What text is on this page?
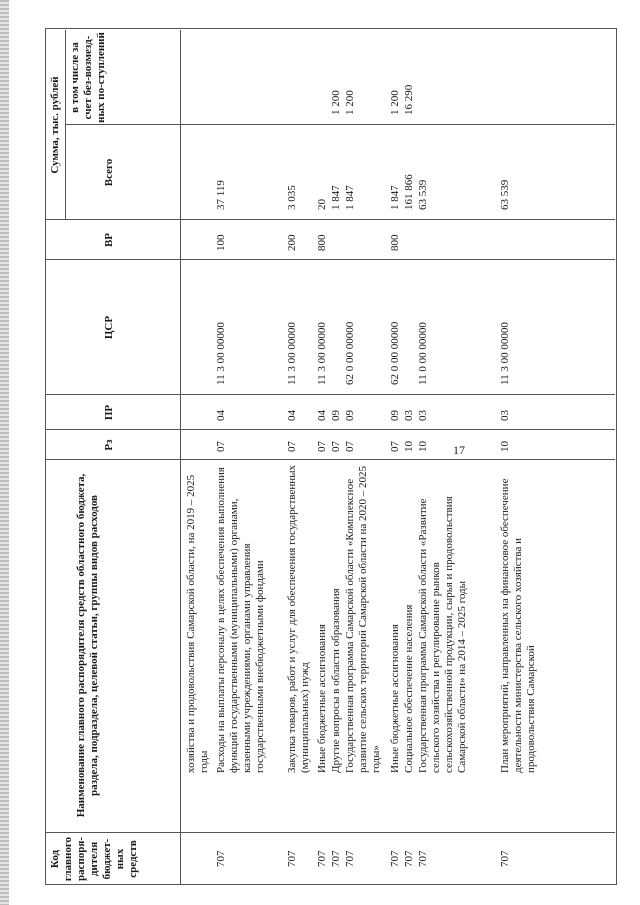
17
Код главного распоря-дителя бюджет-ных средств
Наименование главного распорядителя средств областного бюджета, раздела, подраздела, целевой статьи, группы видов расходов
Рз
ПР
ЦСР
ВР
Сумма, тыс. рублей	Всего
в том числе за счет без-возмезд-ных по-ступлений
хозяйства и продовольствия Самарской области, на 2019 – 2025 годы
707
Расходы на выплаты персоналу в целях обеспечения выполнения функций государственными (муниципальными) органами, казенными учреждениями, органами управления государственными внебюджетными фондами
07
04
11 3 00 00000
100
37 119
707
Закупка товаров, работ и услуг для обеспечения государственных (муниципальных) нужд
07
04
11 3 00 00000
200
3 035
707
Иные бюджетные ассигнования
07
04
11 3 00 00000
800
20
707
Другие вопросы в области образования
07
09
1 847
1 200
707
Государственная программа Самарской области «Комплексное развитие сельских территорий Самарской области на 2020 – 2025 годы»
07
09
62 0 00 00000
1 847
1 200
707
Иные бюджетные ассигнования
07
09
62 0 00 00000
800
1 847
1 200
707
Социальное обеспечение населения
10
03
161 866
16 290
707
Государственная программа Самарской области «Развитие сельского хозяйства и регулирование рынков сельскохозяйственной продукции, сырья и продовольствия Самарской области» на 2014 – 2025 годы
10
03
11 0 00 00000
63 539
707
План мероприятий, направленных на финансовое обеспечение деятельности министерства сельского хозяйства и продовольствия Самарской
10
03
11 3 00 00000
63 539
